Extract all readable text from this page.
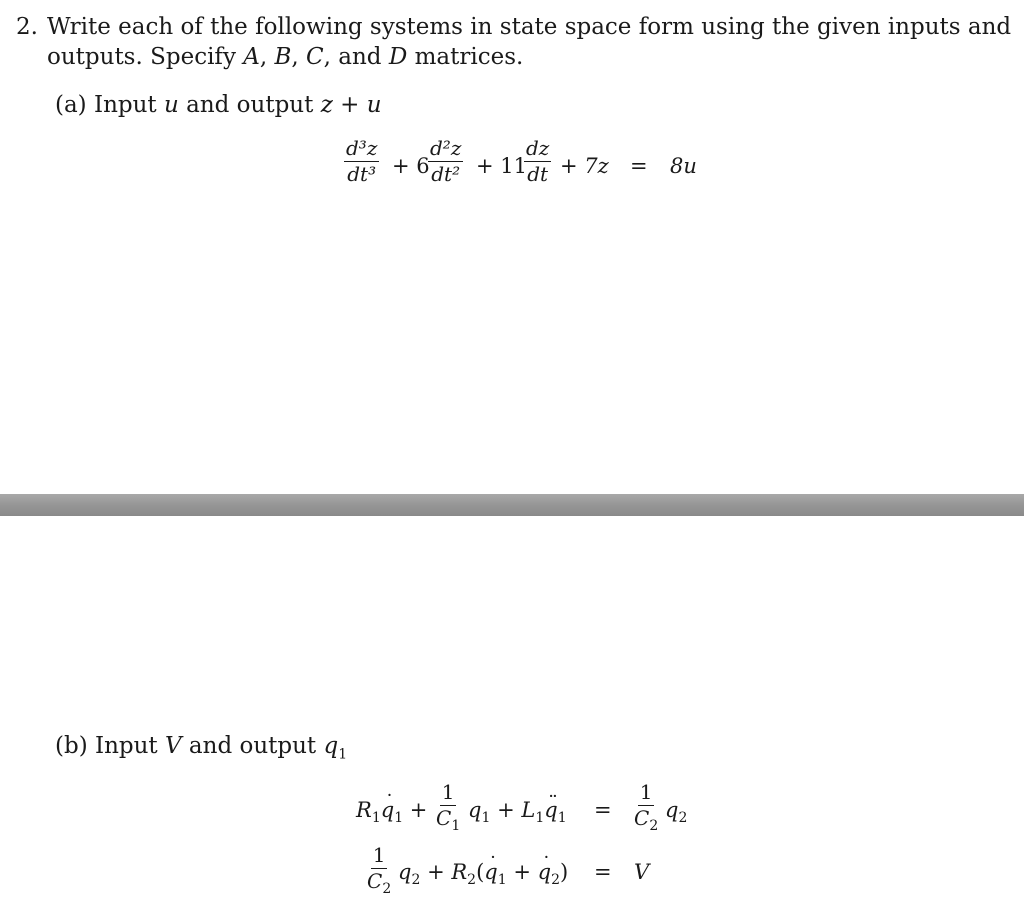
2. Write each of the following systems in state space form using the given inputs and
outputs. Specify A, B, C, and D matrices.
(a) Input u and output z + u
$\frac{\text{d³z}}{\text{dt³}} + 6$
$\frac{\text{d²z}}{\text{dt²}} + 11$
$\frac{dz}{dt} + 7z = 8u$
(b) Input V and output $q_1$
$R_1q$ $˙_1 + \frac{1}{C_1} q_1 + L_1q$ $¨_1 = \frac{1}{C_2} q_2$
$\frac{1}{C_2} q_2 + R_2(q$ $˙_1 + q$ $˙_2) = V$
